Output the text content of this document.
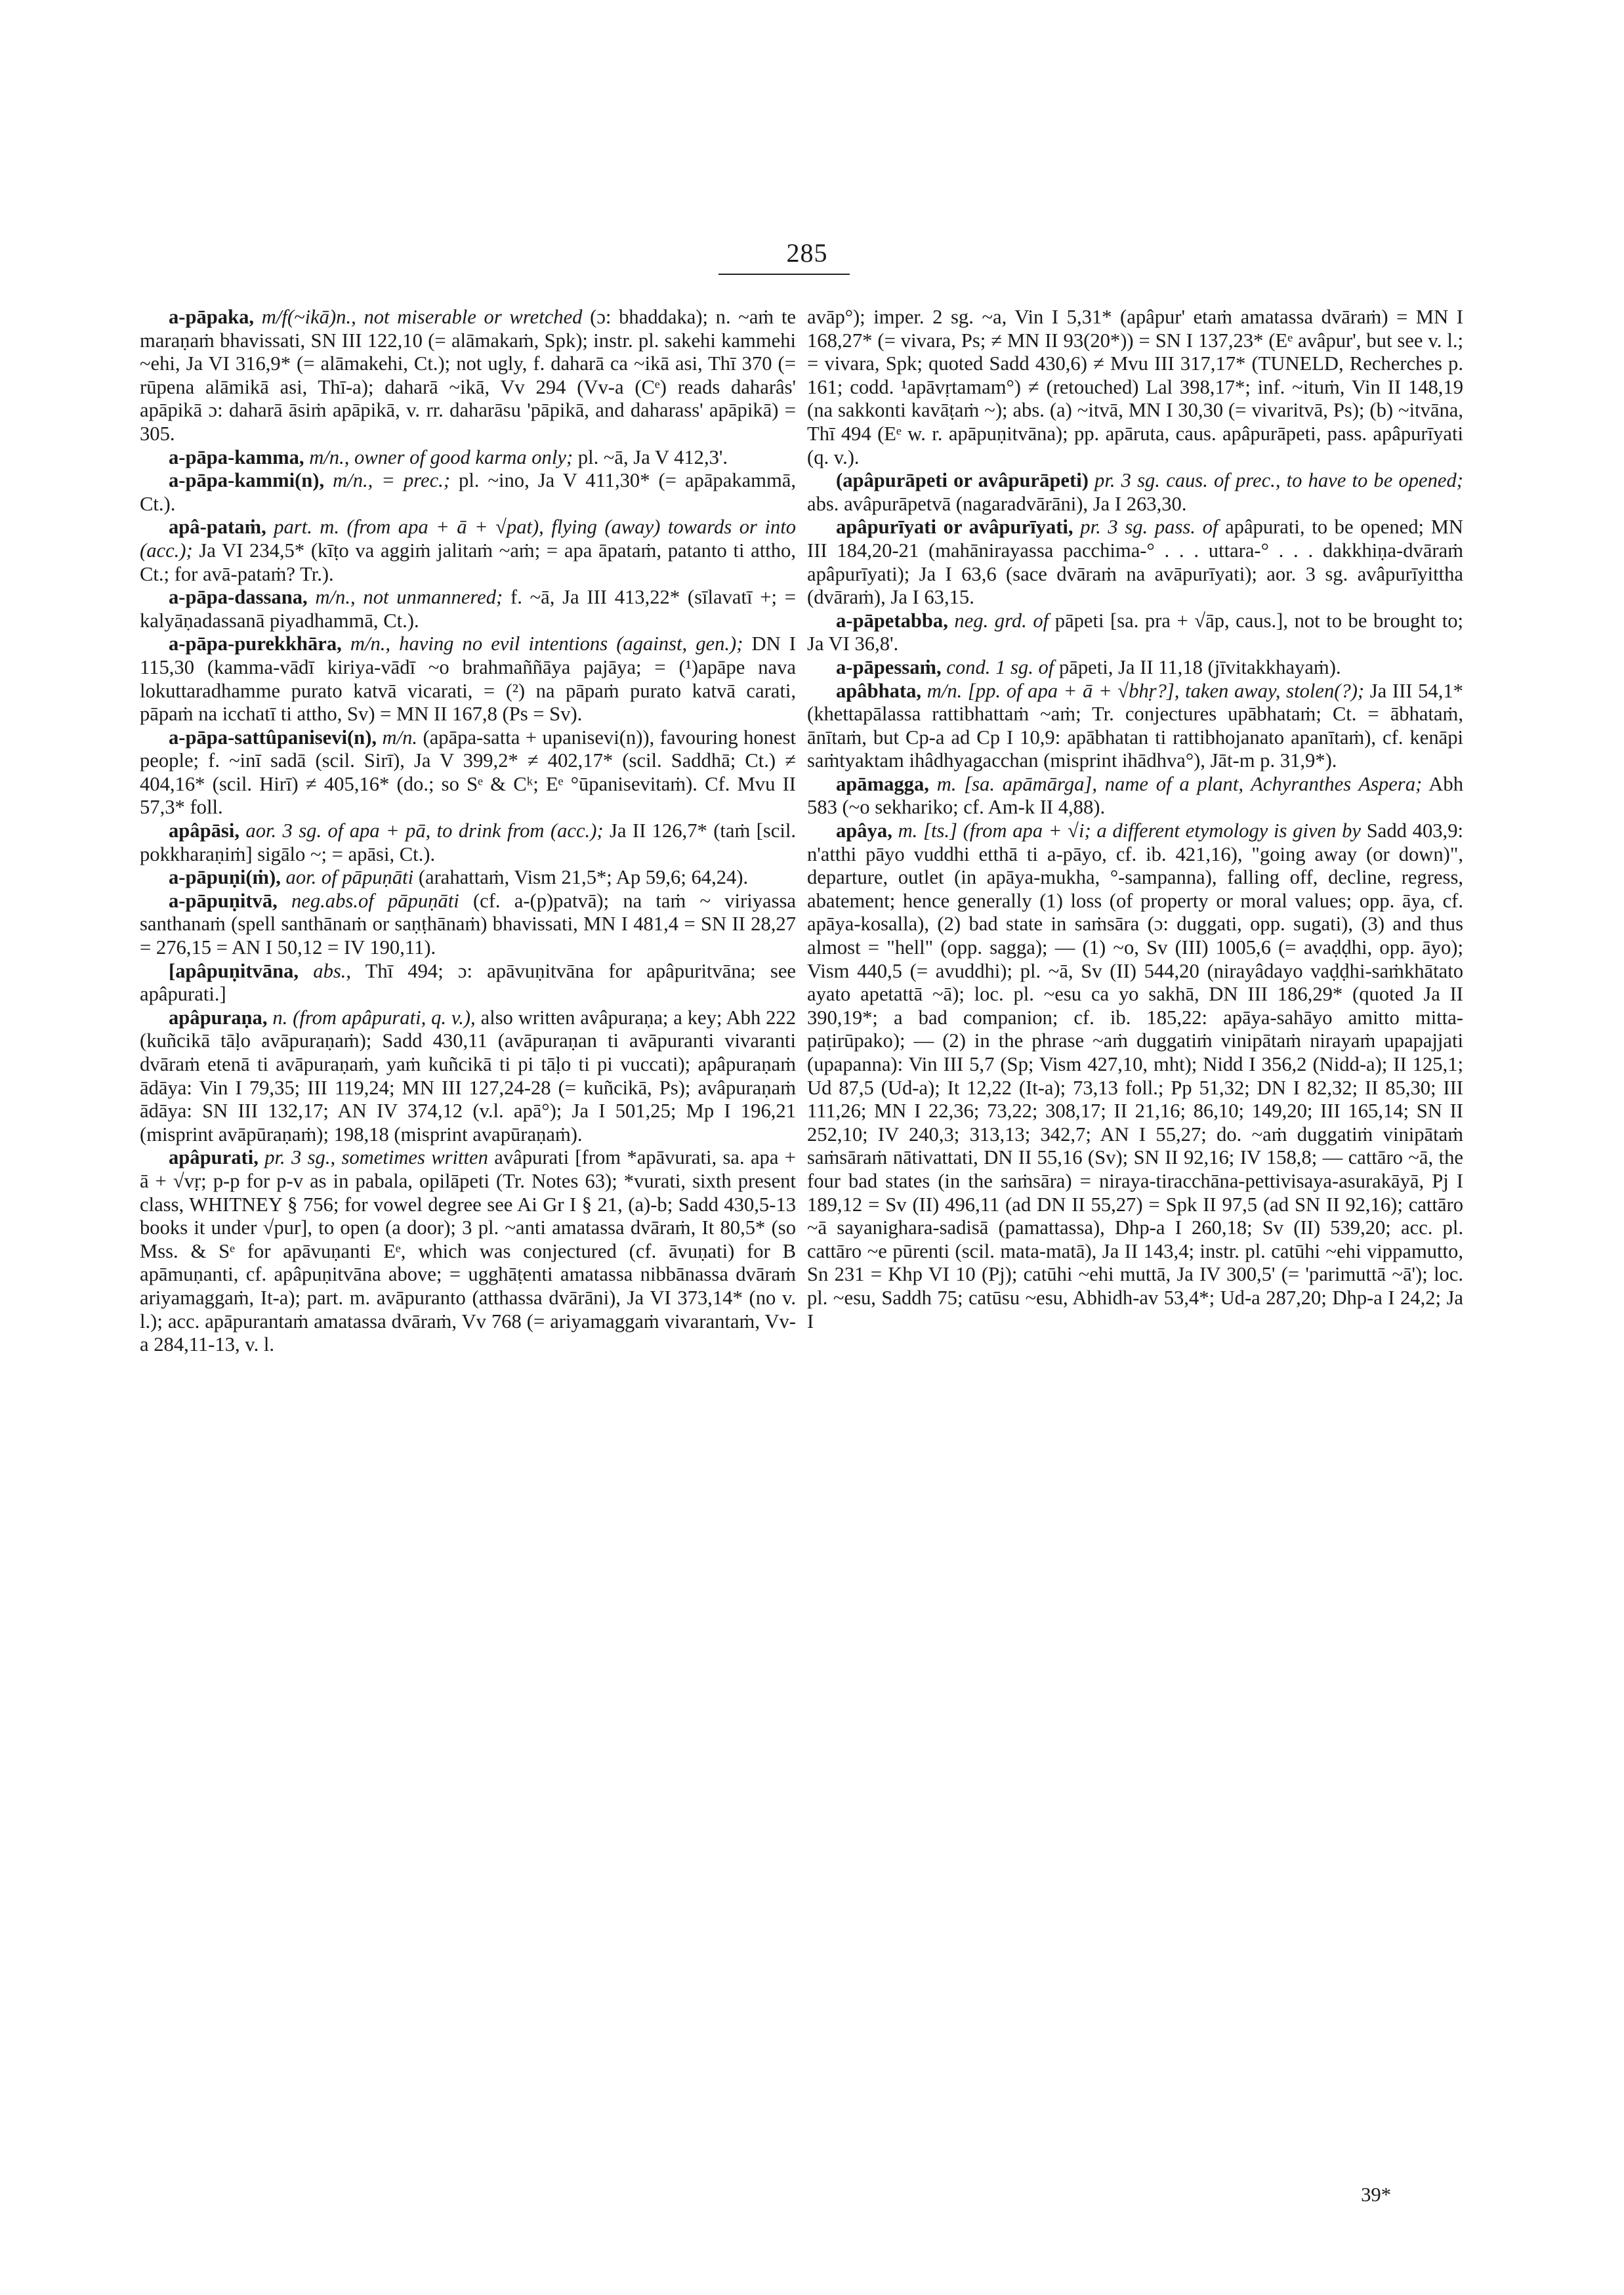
285

a-pāpaka, m/f(~ikā)n., not miserable or wretched (ɔ: bhaddaka); n. ~aṁ te maraṇaṁ bhavissati, SN III 122,10 (= alāmakaṁ, Spk); instr. pl. sakehi kammehi ~ehi, Ja VI 316,9* (= alāmakehi, Ct.); not ugly, f. daharā ca ~ikā asi, Thī 370 (= rūpena alāmikā asi, Thī-a); daharā ~ikā, Vv 294 (Vv-a (Cᵉ) reads daharâs' apāpikā ɔ: daharā āsiṁ apāpikā, v. rr. daharāsu 'pāpikā, and daharass' apāpikā) = 305.

a-pāpa-kamma, m/n., owner of good karma only; pl. ~ā, Ja V 412,3'.

a-pāpa-kammi(n), m/n., = prec.; pl. ~ino, Ja V 411,30* (= apāpakammā, Ct.).

apâ-pataṁ, part. m. (from apa + ā + √pat), flying (away) towards or into (acc.); Ja VI 234,5* (kīṭo va aggiṁ jalitaṁ ~aṁ; = apa āpataṁ, patanto ti attho, Ct.; for avā-pataṁ? Tr.).

a-pāpa-dassana, m/n., not unmannered; f. ~ā, Ja III 413,22* (sīlavatī +; = kalyāṇadassanā piyadhammā, Ct.).

a-pāpa-purekkhāra, m/n., having no evil intentions (against, gen.); DN I 115,30 (kamma-vādī kiriya-vādī ~o brahmaññāya pajāya; = (¹)apāpe nava lokuttaradhamme purato katvā vicarati, = (²) na pāpaṁ purato katvā carati, pāpaṁ na icchatī ti attho, Sv) = MN II 167,8 (Ps = Sv).

a-pāpa-sattûpanisevi(n), m/n. (apāpa-satta + upanisevi(n)), favouring honest people; f. ~inī sadā (scil. Sirī), Ja V 399,2* ≠ 402,17* (scil. Saddhā; Ct.) ≠ 404,16* (scil. Hirī) ≠ 405,16* (do.; so Sᵉ & Cᵏ; Eᵉ °ūpanisevitaṁ). Cf. Mvu II 57,3* foll.

apâpāsi, aor. 3 sg. of apa + pā, to drink from (acc.); Ja II 126,7* (taṁ [scil. pokkharaṇiṁ] sigālo ~; = apāsi, Ct.).

a-pāpuṇi(ṁ), aor. of pāpuṇāti (arahattaṁ, Vism 21,5*; Ap 59,6; 64,24).

a-pāpuṇitvā, neg.abs.of pāpuṇāti (cf. a-(p)patvā); na taṁ ~ viriyassa santhanaṁ (spell santhānaṁ or saṇṭhānaṁ) bhavissati, MN I 481,4 = SN II 28,27 = 276,15 = AN I 50,12 = IV 190,11).

[apâpuṇitvāna, abs., Thī 494; ɔ: apāvuṇitvāna for apâpuritvāna; see apâpurati.]

apâpuraṇa, n. (from apâpurati, q. v.), also written avâpuraṇa; a key; Abh 222 (kuñcikā tāḷo avāpuraṇaṁ); Sadd 430,11 (avāpuraṇan ti avāpuranti vivaranti dvāraṁ etenā ti avāpuraṇaṁ, yaṁ kuñcikā ti pi tāḷo ti pi vuccati); apâpuraṇaṁ ādāya: Vin I 79,35; III 119,24; MN III 127,24-28 (= kuñcikā, Ps); avâpuraṇaṁ ādāya: SN III 132,17; AN IV 374,12 (v.l. apā°); Ja I 501,25; Mp I 196,21 (misprint avāpūraṇaṁ); 198,18 (misprint avapūraṇaṁ).

apâpurati, pr. 3 sg., sometimes written avâpurati [from *apāvurati, sa. apa + ā + √vṛ; p-p for p-v as in pabala, opilāpeti (Tr. Notes 63); *vurati, sixth present class, WHITNEY § 756; for vowel degree see Ai Gr I § 21, (a)-b; Sadd 430,5-13 books it under √pur], to open (a door); 3 pl. ~anti amatassa dvāraṁ, It 80,5* (so Mss. & Sᵉ for apāvuṇanti Eᵉ, which was conjectured (cf. āvuṇati) for B apāmuṇanti, cf. apâpuṇitvāna above; = ugghāṭenti amatassa nibbānassa dvāraṁ ariyamaggaṁ, It-a); part. m. avāpuranto (atthassa dvārāni), Ja VI 373,14* (no v. l.); acc. apāpurantaṁ amatassa dvāraṁ, Vv 768 (= ariyamaggaṁ vivarantaṁ, Vv-a 284,11-13, v. l.

avāp°); imper. 2 sg. ~a, Vin I 5,31* (apâpur' etaṁ amatassa dvāraṁ) = MN I 168,27* (= vivara, Ps; ≠ MN II 93(20*)) = SN I 137,23* (Eᵉ avâpur', but see v. l.; = vivara, Spk; quoted Sadd 430,6) ≠ Mvu III 317,17* (TUNELD, Recherches p. 161; codd. ¹apāvṛtamam°) ≠ (retouched) Lal 398,17*; inf. ~ituṁ, Vin II 148,19 (na sakkonti kavāṭaṁ ~); abs. (a) ~itvā, MN I 30,30 (= vivaritvā, Ps); (b) ~itvāna, Thī 494 (Eᵉ w. r. apāpuṇitvāna); pp. apāruta, caus. apâpurāpeti, pass. apâpurīyati (q. v.).

(apâpurāpeti or avâpurāpeti) pr. 3 sg. caus. of prec., to have to be opened; abs. avâpurāpetvā (nagaradvārāni), Ja I 263,30.

apâpurīyati or avâpurīyati, pr. 3 sg. pass. of apâpurati, to be opened; MN III 184,20-21 (mahānirayassa pacchima-° . . . uttara-° . . . dakkhiṇa-dvāraṁ apâpurīyati); Ja I 63,6 (sace dvāraṁ na avāpurīyati); aor. 3 sg. avâpurīyittha (dvāraṁ), Ja I 63,15.

a-pāpetabba, neg. grd. of pāpeti [sa. pra + √āp, caus.], not to be brought to; Ja VI 36,8'.

a-pāpessaṁ, cond. 1 sg. of pāpeti, Ja II 11,18 (jīvitakkhayaṁ).

apâbhata, m/n. [pp. of apa + ā + √bhṛ?], taken away, stolen(?); Ja III 54,1* (khettapālassa rattibhattaṁ ~aṁ; Tr. conjectures upābhataṁ; Ct. = ābhataṁ, ānītaṁ, but Cp-a ad Cp I 10,9: apābhatan ti rattibhojanato apanītaṁ), cf. kenāpi saṁtyaktam ihâdhyagacchan (misprint ihādhva°), Jāt-m p. 31,9*).

apāmagga, m. [sa. apāmārga], name of a plant, Achyranthes Aspera; Abh 583 (~o sekhariko; cf. Am-k II 4,88).

apâya, m. [ts.] (from apa + √i; a different etymology is given by Sadd 403,9: n'atthi pāyo vuddhi etthā ti a-pāyo, cf. ib. 421,16), "going away (or down)", departure, outlet (in apāya-mukha, °-sampanna), falling off, decline, regress, abatement; hence generally (1) loss (of property or moral values; opp. āya, cf. apāya-kosalla), (2) bad state in saṁsāra (ɔ: duggati, opp. sugati), (3) and thus almost = "hell" (opp. sagga); — (1) ~o, Sv (III) 1005,6 (= avaḍḍhi, opp. āyo); Vism 440,5 (= avuddhi); pl. ~ā, Sv (II) 544,20 (nirayâdayo vaḍḍhi-saṁkhātato ayato apetattā ~ā); loc. pl. ~esu ca yo sakhā, DN III 186,29* (quoted Ja II 390,19*; a bad companion; cf. ib. 185,22: apāya-sahāyo amitto mitta-paṭirūpako); — (2) in the phrase ~aṁ duggatiṁ vinipātaṁ nirayaṁ upapajjati (upapanna): Vin III 5,7 (Sp; Vism 427,10, mht); Nidd I 356,2 (Nidd-a); II 125,1; Ud 87,5 (Ud-a); It 12,22 (It-a); 73,13 foll.; Pp 51,32; DN I 82,32; II 85,30; III 111,26; MN I 22,36; 73,22; 308,17; II 21,16; 86,10; 149,20; III 165,14; SN II 252,10; IV 240,3; 313,13; 342,7; AN I 55,27; do. ~aṁ duggatiṁ vinipātaṁ saṁsāraṁ nātivattati, DN II 55,16 (Sv); SN II 92,16; IV 158,8; — cattāro ~ā, the four bad states (in the saṁsāra) = niraya-tiracchāna-pettivisaya-asurakāyā, Pj I 189,12 = Sv (II) 496,11 (ad DN II 55,27) = Spk II 97,5 (ad SN II 92,16); cattāro ~ā sayanighara-sadisā (pamattassa), Dhp-a I 260,18; Sv (II) 539,20; acc. pl. cattāro ~e pūrenti (scil. mata-matā), Ja II 143,4; instr. pl. catūhi ~ehi vippamutto, Sn 231 = Khp VI 10 (Pj); catūhi ~ehi muttā, Ja IV 300,5' (= 'parimuttā ~ā'); loc. pl. ~esu, Saddh 75; catūsu ~esu, Abhidh-av 53,4*; Ud-a 287,20; Dhp-a I 24,2; Ja I

39*
